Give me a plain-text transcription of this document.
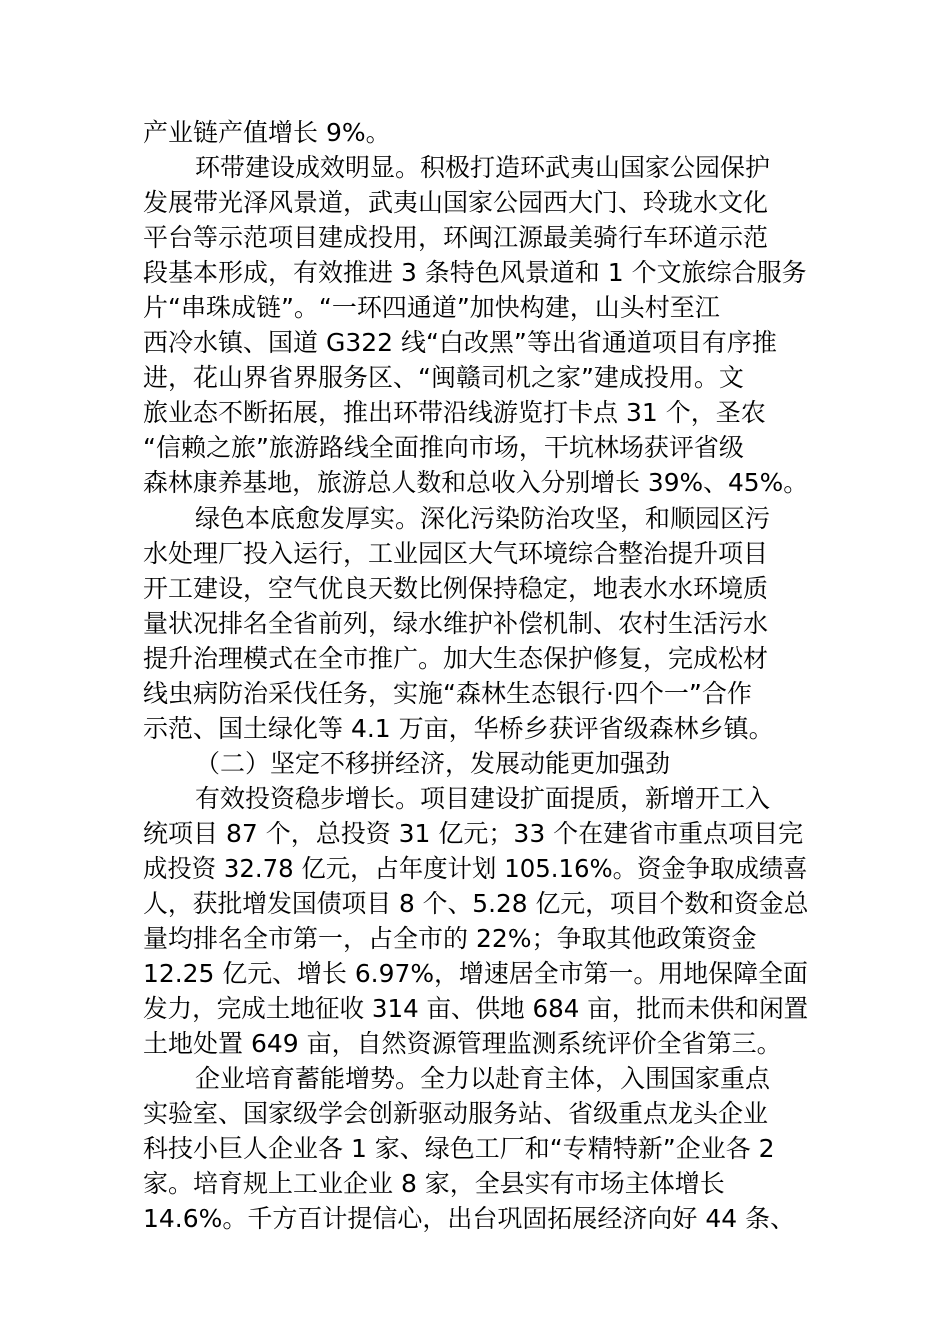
产业链产值增长 9%。
环带建设成效明显。积极打造环武夷山国家公园保护
发展带光泽风景道，武夷山国家公园西大门、玲珑水文化
平台等示范项目建成投用，环闽江源最美骑行车环道示范
段基本形成，有效推进 3 条特色风景道和 1 个文旅综合服务
片“串珠成链”。“一环四通道”加快构建，山头村至江
西冷水镇、国道 G322 线“白改黑”等出省通道项目有序推
进，花山界省界服务区、“闽赣司机之家”建成投用。文
旅业态不断拓展，推出环带沿线游览打卡点 31 个，圣农
“信赖之旅”旅游路线全面推向市场，干坑林场获评省级
森林康养基地，旅游总人数和总收入分别增长 39%、45%。
绿色本底愈发厚实。深化污染防治攻坚，和顺园区污
水处理厂投入运行，工业园区大气环境综合整治提升项目
开工建设，空气优良天数比例保持稳定，地表水水环境质
量状况排名全省前列，绿水维护补偿机制、农村生活污水
提升治理模式在全市推广。加大生态保护修复，完成松材
线虫病防治采伐任务，实施“森林生态银行·四个一”合作
示范、国土绿化等 4.1 万亩，华桥乡获评省级森林乡镇。
（二）坚定不移拼经济，发展动能更加强劲
有效投资稳步增长。项目建设扩面提质，新增开工入
统项目 87 个，总投资 31 亿元；33 个在建省市重点项目完
成投资 32.78 亿元，占年度计划 105.16%。资金争取成绩喜
人，获批增发国债项目 8 个、5.28 亿元，项目个数和资金总
量均排名全市第一，占全市的 22%；争取其他政策资金
12.25 亿元、增长 6.97%，增速居全市第一。用地保障全面
发力，完成土地征收 314 亩、供地 684 亩，批而未供和闲置
土地处置 649 亩，自然资源管理监测系统评价全省第三。
企业培育蓄能增势。全力以赴育主体，入围国家重点
实验室、国家级学会创新驱动服务站、省级重点龙头企业
科技小巨人企业各 1 家、绿色工厂和“专精特新”企业各 2
家。培育规上工业企业 8 家，全县实有市场主体增长
14.6%。千方百计提信心，出台巩固拓展经济向好 44 条、
